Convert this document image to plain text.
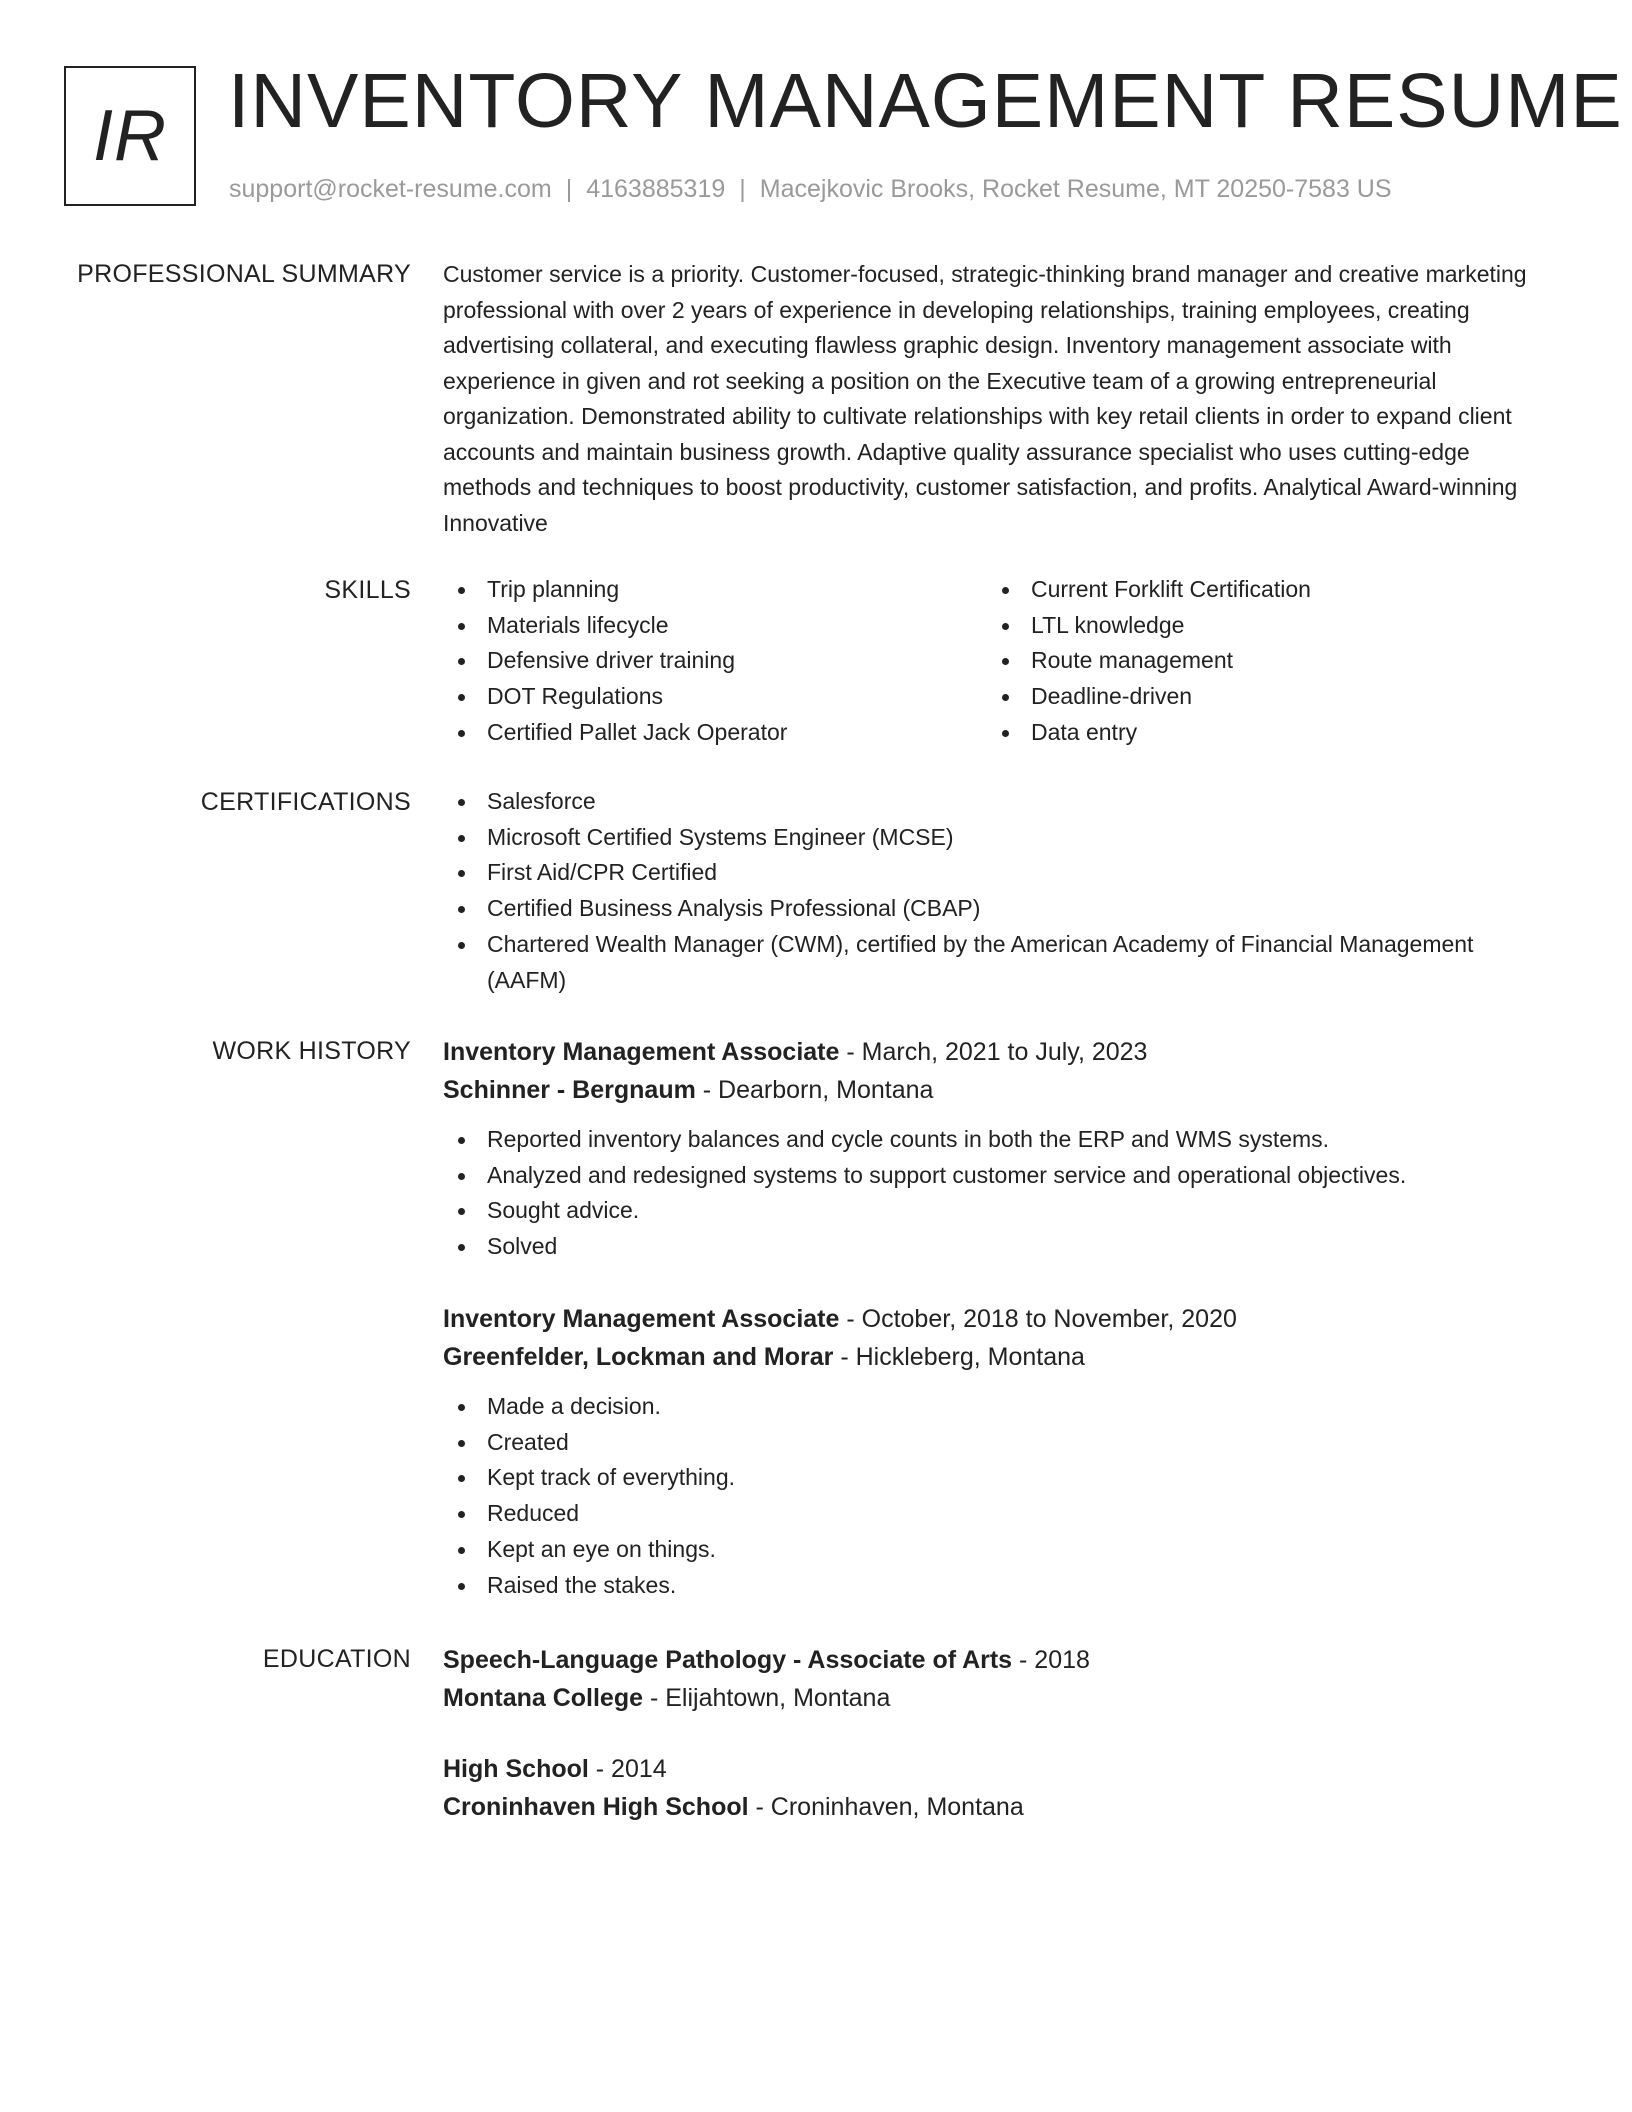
IR INVENTORY MANAGEMENT RESUME
support@rocket-resume.com | 4163885319 | Macejkovic Brooks, Rocket Resume, MT 20250-7583 US
PROFESSIONAL SUMMARY Customer service is a priority. Customer-focused, strategic-thinking brand manager and creative marketing professional with over 2 years of experience in developing relationships, training employees, creating advertising collateral, and executing flawless graphic design. Inventory management associate with experience in given and rot seeking a position on the Executive team of a growing entrepreneurial organization. Demonstrated ability to cultivate relationships with key retail clients in order to expand client accounts and maintain business growth. Adaptive quality assurance specialist who uses cutting-edge methods and techniques to boost productivity, customer satisfaction, and profits. Analytical Award-winning Innovative

SKILLS	Trip planning
Materials lifecycle
Defensive driver training
DOT Regulations
Certified Pallet Jack Operator
Current Forklift Certification
LTL knowledge
Route management
Deadline-driven
Data entry
CERTIFICATIONS	Salesforce
Microsoft Certified Systems Engineer (MCSE)
First Aid/CPR Certified
Certified Business Analysis Professional (CBAP)
Chartered Wealth Manager (CWM), certified by the American Academy of Financial Management (AAFM)
WORK HISTORY Inventory Management Associate - March, 2021 to July, 2023
Schinner - Bergnaum - Dearborn, Montana
Reported inventory balances and cycle counts in both the ERP and WMS systems.
Analyzed and redesigned systems to support customer service and operational objectives.
Sought advice.
Solved
Inventory Management Associate - October, 2018 to November, 2020
Greenfelder, Lockman and Morar - Hickleberg, Montana
Made a decision.
Created
Kept track of everything.
Reduced
Kept an eye on things.
Raised the stakes.
EDUCATION Speech-Language Pathology - Associate of Arts - 2018
Montana College - Elijahtown, Montana
High School - 2014
Croninhaven High School - Croninhaven, Montana
